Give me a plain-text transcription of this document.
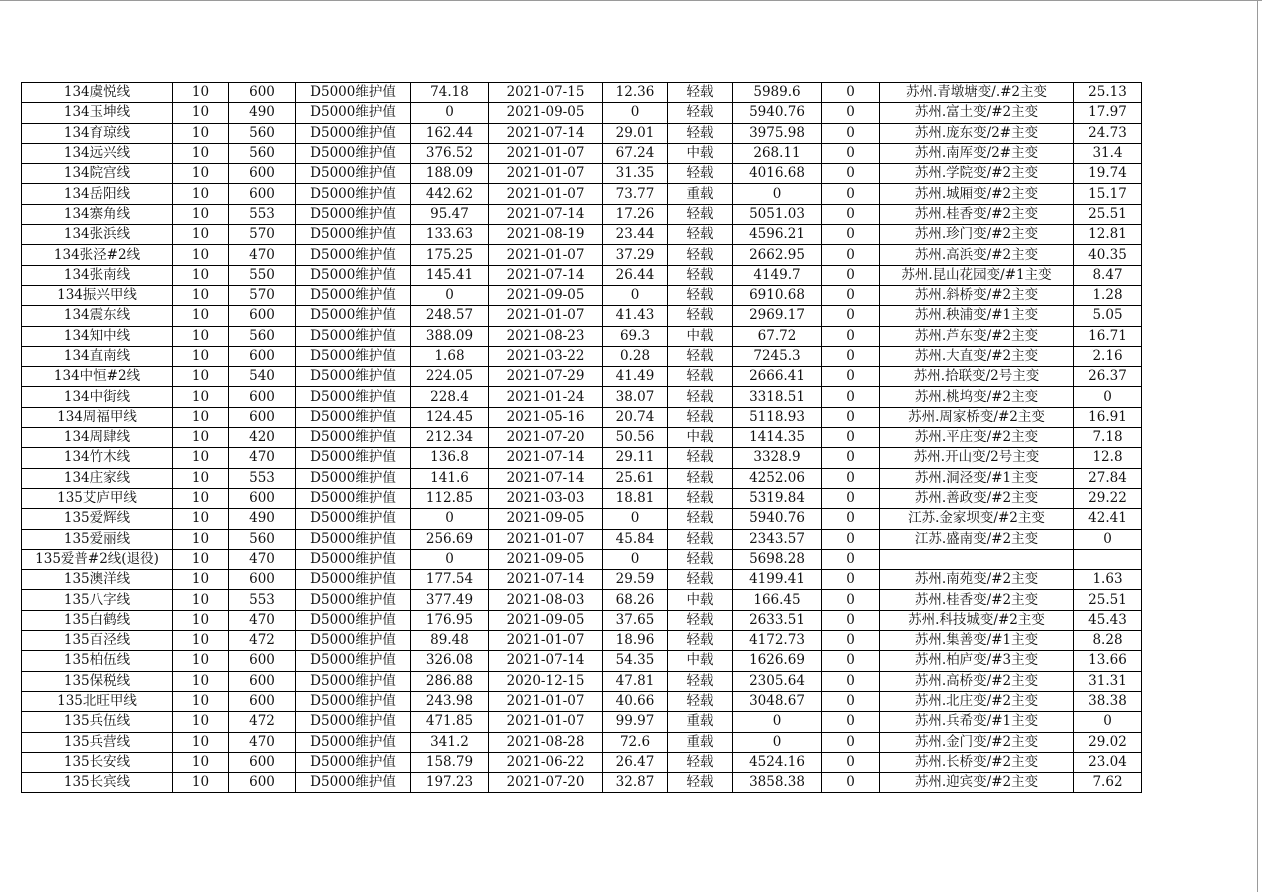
134虞悦线	10	600	D5000维护值	74.18	2021-07-15	12.36	轻载	5989.6	0	苏州.青墩塘变/.#2主变	25.13
134玉坤线	10	490	D5000维护值	0	2021-09-05	0	轻载	5940.76	0	苏州.富土变/#2主变	17.97
134育琼线	10	560	D5000维护值	162.44	2021-07-14	29.01	轻载	3975.98	0	苏州.庞东变/2#主变	24.73
134远兴线	10	560	D5000维护值	376.52	2021-01-07	67.24	中载	268.11	0	苏州.南厍变/2#主变	31.4
134院宫线	10	600	D5000维护值	188.09	2021-01-07	31.35	轻载	4016.68	0	苏州.学院变/#2主变	19.74
134岳阳线	10	600	D5000维护值	442.62	2021-01-07	73.77	重载	0	0	苏州.城厢变/#2主变	15.17
134寨角线	10	553	D5000维护值	95.47	2021-07-14	17.26	轻载	5051.03	0	苏州.桂香变/#2主变	25.51
134张浜线	10	570	D5000维护值	133.63	2021-08-19	23.44	轻载	4596.21	0	苏州.珍门变/#2主变	12.81
134张泾#2线	10	470	D5000维护值	175.25	2021-01-07	37.29	轻载	2662.95	0	苏州.高浜变/#2主变	40.35
134张南线	10	550	D5000维护值	145.41	2021-07-14	26.44	轻载	4149.7	0	苏州.昆山花园变/#1主变	8.47
134振兴甲线	10	570	D5000维护值	0	2021-09-05	0	轻载	6910.68	0	苏州.斜桥变/#2主变	1.28
134震东线	10	600	D5000维护值	248.57	2021-01-07	41.43	轻载	2969.17	0	苏州.秧浦变/#1主变	5.05
134知中线	10	560	D5000维护值	388.09	2021-08-23	69.3	中载	67.72	0	苏州.芦东变/#2主变	16.71
134直南线	10	600	D5000维护值	1.68	2021-03-22	0.28	轻载	7245.3	0	苏州.大直变/#2主变	2.16
134中恒#2线	10	540	D5000维护值	224.05	2021-07-29	41.49	轻载	2666.41	0	苏州.拾联变/2号主变	26.37
134中街线	10	600	D5000维护值	228.4	2021-01-24	38.07	轻载	3318.51	0	苏州.桃坞变/#2主变	0
134周福甲线	10	600	D5000维护值	124.45	2021-05-16	20.74	轻载	5118.93	0	苏州.周家桥变/#2主变	16.91
134周肆线	10	420	D5000维护值	212.34	2021-07-20	50.56	中载	1414.35	0	苏州.平庄变/#2主变	7.18
134竹木线	10	470	D5000维护值	136.8	2021-07-14	29.11	轻载	3328.9	0	苏州.开山变/2号主变	12.8
134庄家线	10	553	D5000维护值	141.6	2021-07-14	25.61	轻载	4252.06	0	苏州.洞泾变/#1主变	27.84
135艾庐甲线	10	600	D5000维护值	112.85	2021-03-03	18.81	轻载	5319.84	0	苏州.善政变/#2主变	29.22
135爱辉线	10	490	D5000维护值	0	2021-09-05	0	轻载	5940.76	0	江苏.金家坝变/#2主变	42.41
135爱丽线	10	560	D5000维护值	256.69	2021-01-07	45.84	轻载	2343.57	0	江苏.盛南变/#2主变	0
135爱普#2线(退役)	10	470	D5000维护值	0	2021-09-05	0	轻载	5698.28	0		
135澳洋线	10	600	D5000维护值	177.54	2021-07-14	29.59	轻载	4199.41	0	苏州.南苑变/#2主变	1.63
135八字线	10	553	D5000维护值	377.49	2021-08-03	68.26	中载	166.45	0	苏州.桂香变/#2主变	25.51
135白鹤线	10	470	D5000维护值	176.95	2021-09-05	37.65	轻载	2633.51	0	苏州.科技城变/#2主变	45.43
135百泾线	10	472	D5000维护值	89.48	2021-01-07	18.96	轻载	4172.73	0	苏州.集善变/#1主变	8.28
135柏伍线	10	600	D5000维护值	326.08	2021-07-14	54.35	中载	1626.69	0	苏州.柏庐变/#3主变	13.66
135保税线	10	600	D5000维护值	286.88	2020-12-15	47.81	轻载	2305.64	0	苏州.高桥变/#2主变	31.31
135北旺甲线	10	600	D5000维护值	243.98	2021-01-07	40.66	轻载	3048.67	0	苏州.北庄变/#2主变	38.38
135兵伍线	10	472	D5000维护值	471.85	2021-01-07	99.97	重载	0	0	苏州.兵希变/#1主变	0
135兵营线	10	470	D5000维护值	341.2	2021-08-28	72.6	重载	0	0	苏州.金门变/#2主变	29.02
135长安线	10	600	D5000维护值	158.79	2021-06-22	26.47	轻载	4524.16	0	苏州.长桥变/#2主变	23.04
135长宾线	10	600	D5000维护值	197.23	2021-07-20	32.87	轻载	3858.38	0	苏州.迎宾变/#2主变	7.62
